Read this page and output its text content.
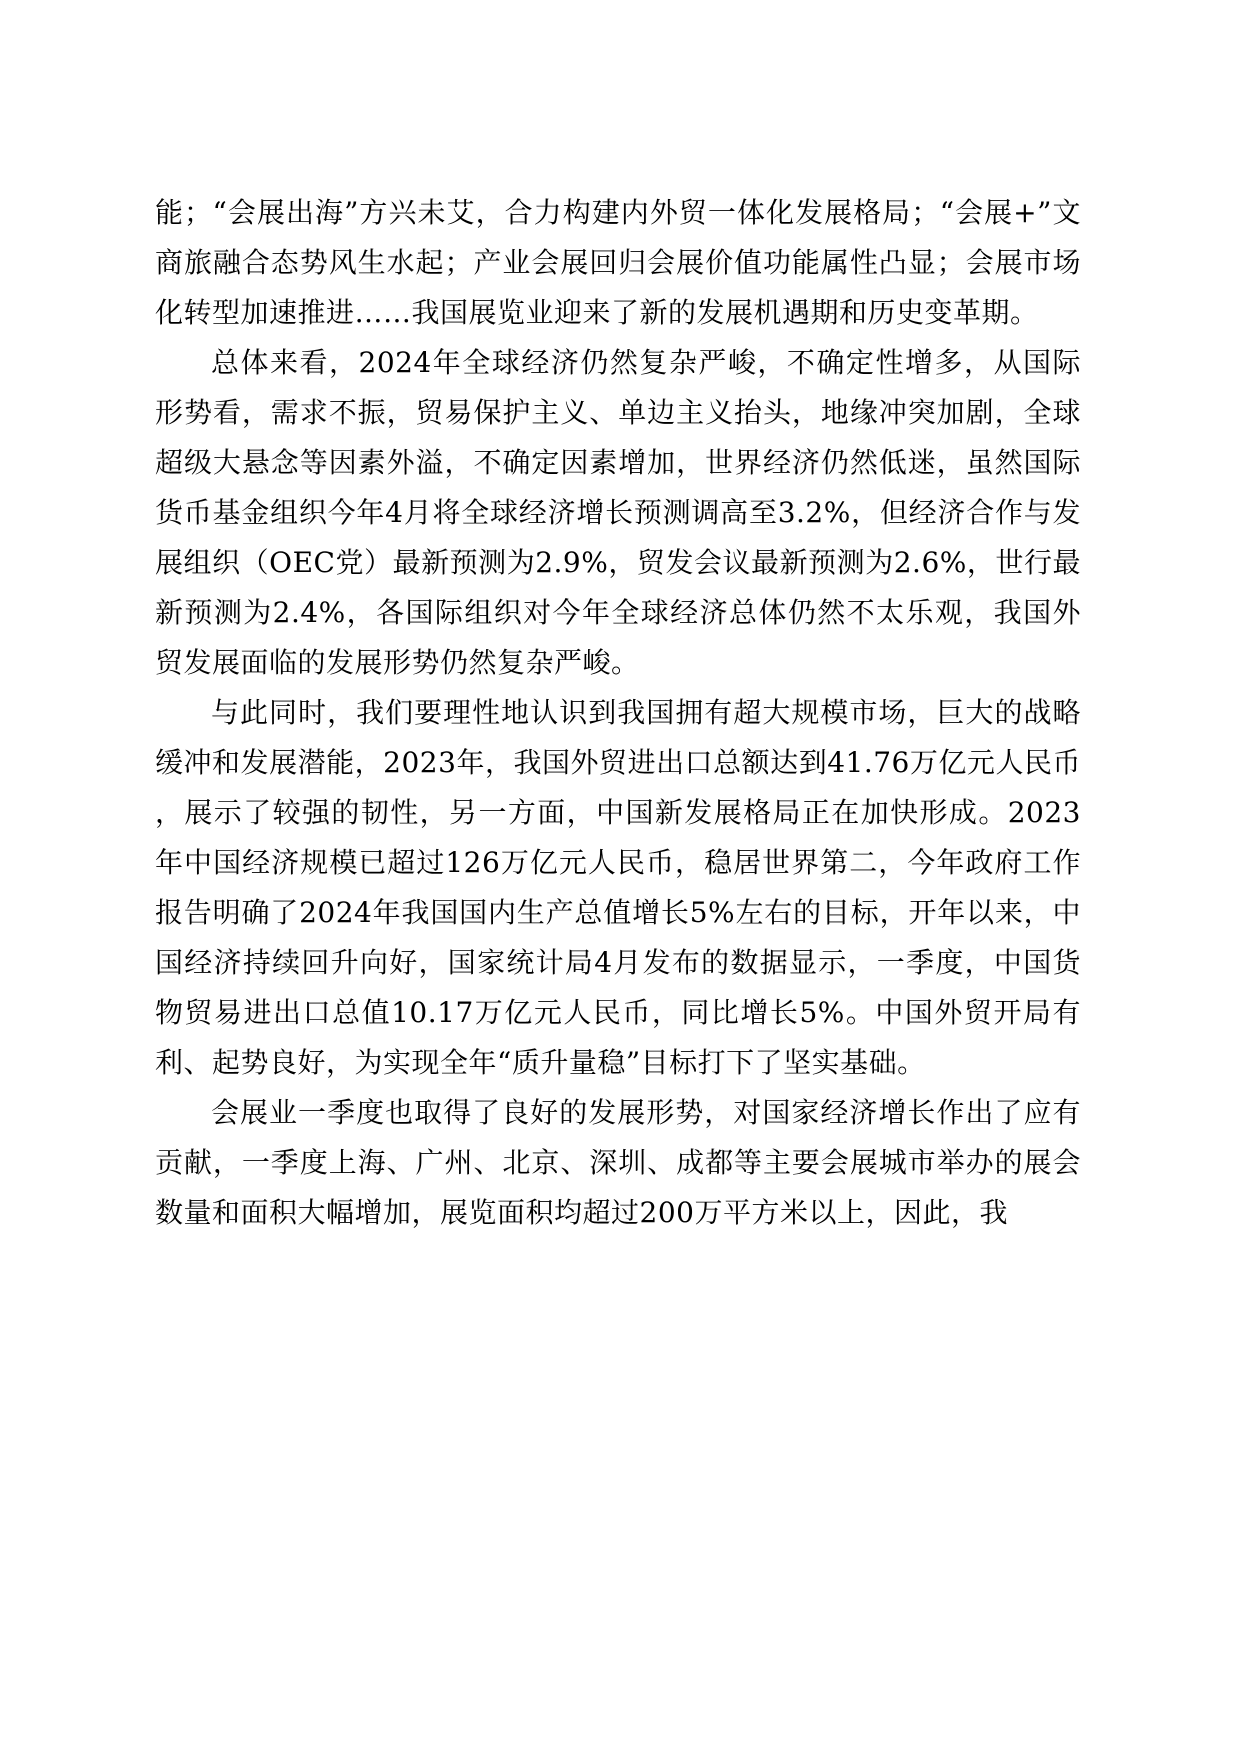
能；“会展出海”方兴未艾，合力构建内外贸一体化发展格局；“会展+”文商旅融合态势风生水起；产业会展回归会展价值功能属性凸显；会展市场化转型加速推进……我国展览业迎来了新的发展机遇期和历史变革期。

总体来看，2024年全球经济仍然复杂严峻，不确定性增多，从国际形势看，需求不振，贸易保护主义、单边主义抬头，地缘冲突加剧，全球超级大悬念等因素外溢，不确定因素增加，世界经济仍然低迷，虽然国际货币基金组织今年4月将全球经济增长预测调高至3.2%，但经济合作与发展组织（OEC党）最新预测为2.9%，贸发会议最新预测为2.6%，世行最新预测为2.4%，各国际组织对今年全球经济总体仍然不太乐观，我国外贸发展面临的发展形势仍然复杂严峻。

与此同时，我们要理性地认识到我国拥有超大规模市场，巨大的战略缓冲和发展潜能，2023年，我国外贸进出口总额达到41.76万亿元人民币，展示了较强的韧性，另一方面，中国新发展格局正在加快形成。2023年中国经济规模已超过126万亿元人民币，稳居世界第二，今年政府工作报告明确了2024年我国国内生产总值增长5%左右的目标，开年以来，中国经济持续回升向好，国家统计局4月发布的数据显示，一季度，中国货物贸易进出口总值10.17万亿元人民币，同比增长5%。中国外贸开局有利、起势良好，为实现全年“质升量稳”目标打下了坚实基础。

会展业一季度也取得了良好的发展形势，对国家经济增长作出了应有贡献，一季度上海、广州、北京、深圳、成都等主要会展城市举办的展会数量和面积大幅增加，展览面积均超过200万平方米以上，因此，我
